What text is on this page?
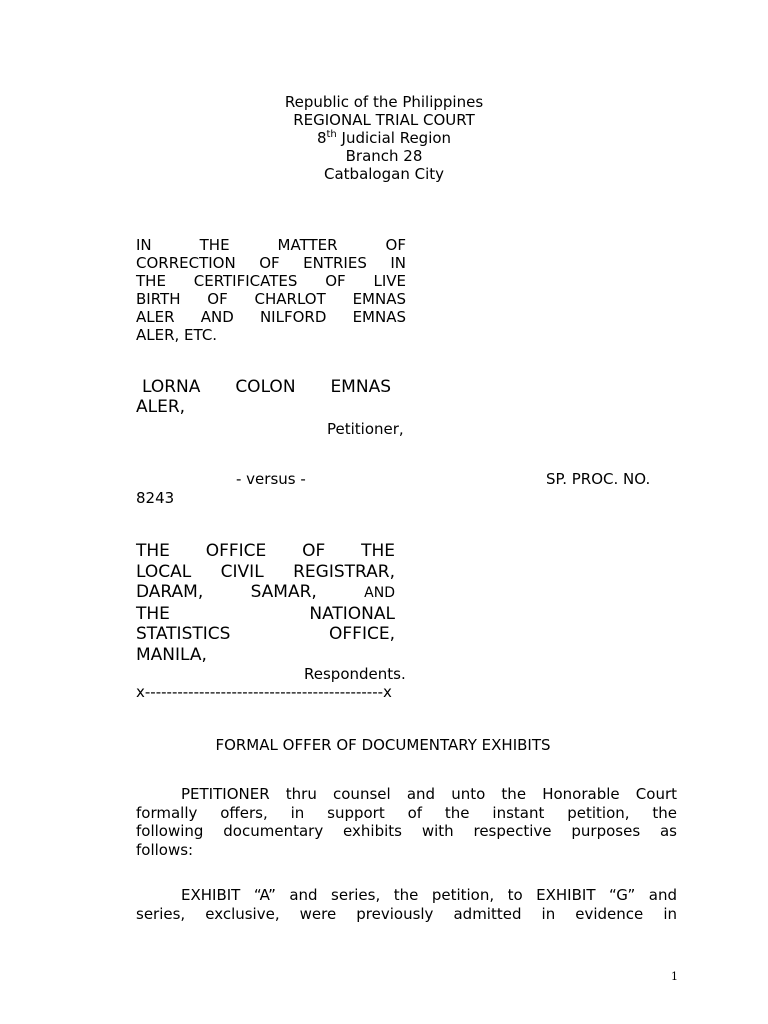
Republic of the Philippines
REGIONAL TRIAL COURT
8th Judicial Region
Branch 28
Catbalogan City
IN THE MATTER OF
CORRECTION OF ENTRIES IN
THE CERTIFICATES OF LIVE
BIRTH OF CHARLOT EMNAS
ALER AND NILFORD EMNAS
ALER, ETC.
LORNA COLON EMNAS
ALER,
Petitioner,
- versus -	SP. PROC. NO.
8243
THE OFFICE OF THE
LOCAL CIVIL REGISTRAR,
DARAM, SAMAR,	AND
THE NATIONAL
STATISTICS OFFICE,
MANILA,
Respondents.
x--------------------------------------------x
FORMAL OFFER OF DOCUMENTARY EXHIBITS
PETITIONER thru counsel and unto the Honorable Court
formally offers, in support of the instant petition, the
following documentary exhibits with respective purposes as
follows:
EXHIBIT “A” and series, the petition, to EXHIBIT “G” and
series, exclusive, were previously admitted in evidence in
1
